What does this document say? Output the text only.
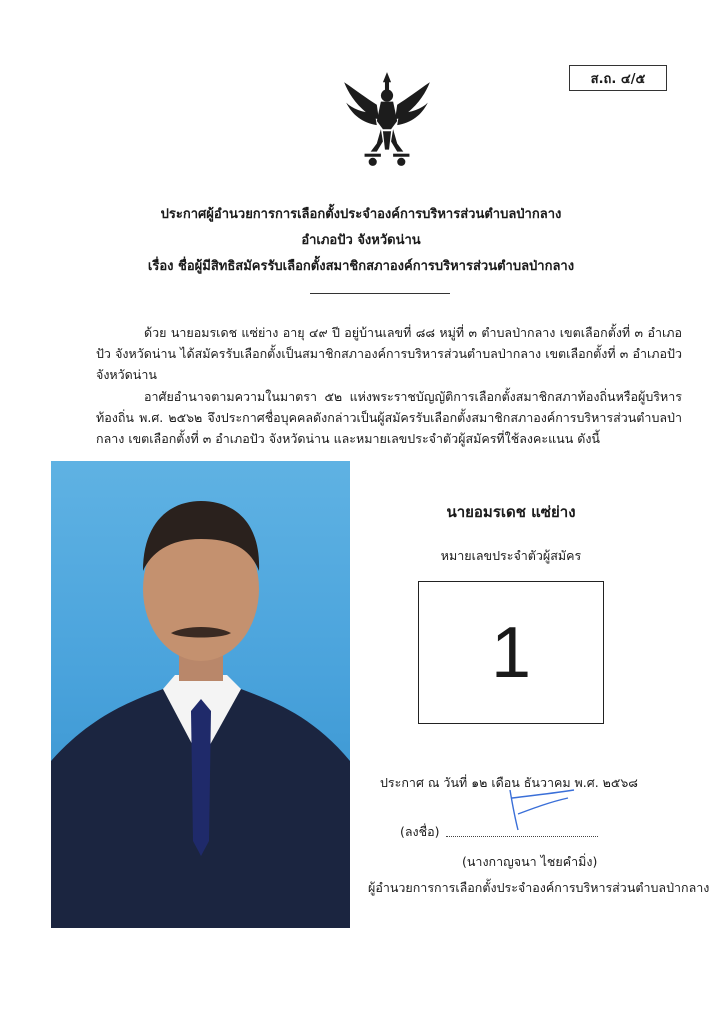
ส.ถ. ๔/๕
ประกาศผู้อำนวยการการเลือกตั้งประจำองค์การบริหารส่วนตำบลป่ากลาง
อำเภอปัว จังหวัดน่าน
เรื่อง ชื่อผู้มีสิทธิสมัครรับเลือกตั้งสมาชิกสภาองค์การบริหารส่วนตำบลป่ากลาง
ด้วย นายอมรเดช แซ่ย่าง อายุ ๔๙ ปี อยู่บ้านเลขที่ ๘๘ หมู่ที่ ๓ ตำบลป่ากลาง เขตเลือกตั้งที่ ๓ อำเภอปัว จังหวัดน่าน ได้สมัครรับเลือกตั้งเป็นสมาชิกสภาองค์การบริหารส่วนตำบลป่ากลาง เขตเลือกตั้งที่ ๓ อำเภอปัว จังหวัดน่าน
อาศัยอำนาจตามความในมาตรา ๕๒ แห่งพระราชบัญญัติการเลือกตั้งสมาชิกสภาท้องถิ่นหรือผู้บริหารท้องถิ่น พ.ศ. ๒๕๖๒ จึงประกาศชื่อบุคคลดังกล่าวเป็นผู้สมัครรับเลือกตั้งสมาชิกสภาองค์การบริหารส่วนตำบลป่ากลาง เขตเลือกตั้งที่ ๓ อำเภอปัว จังหวัดน่าน และหมายเลขประจำตัวผู้สมัครที่ใช้ลงคะแนน ดังนี้
นายอมรเดช แซ่ย่าง
หมายเลขประจำตัวผู้สมัคร
1
ประกาศ ณ วันที่ ๑๒ เดือน ธันวาคม พ.ศ. ๒๕๖๘
(ลงชื่อ)
(นางกาญจนา ไชยคำมิ่ง)
ผู้อำนวยการการเลือกตั้งประจำองค์การบริหารส่วนตำบลป่ากลาง
